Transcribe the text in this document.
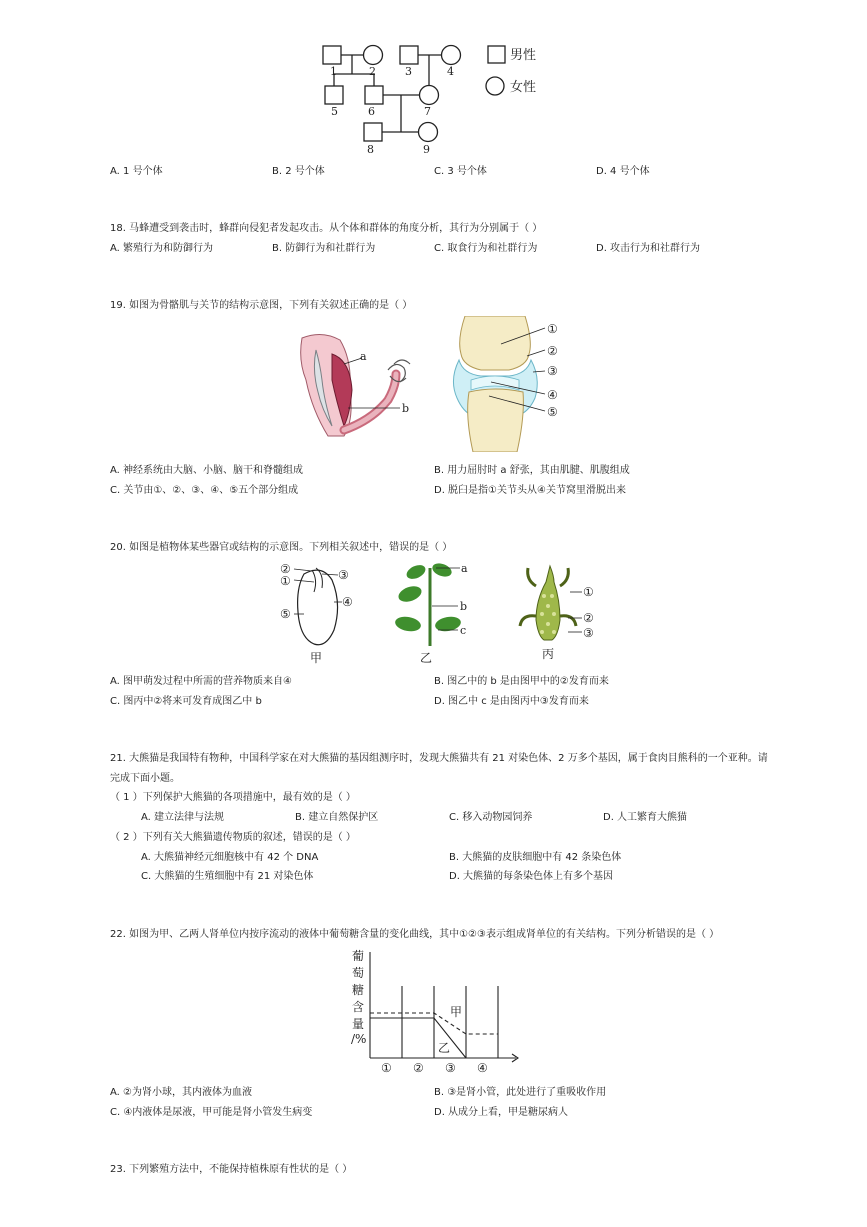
1	2	3	4
5	6	7
8	9
男性
女性
A. 1 号个体	B. 2 号个体	C. 3 号个体	D. 4 号个体
18. 马蜂遭受到袭击时，蜂群向侵犯者发起攻击。从个体和群体的角度分析，其行为分别属于（ ）
A. 繁殖行为和防御行为	B. 防御行为和社群行为	C. 取食行为和社群行为	D. 攻击行为和社群行为
19. 如图为骨骼肌与关节的结构示意图，下列有关叙述正确的是（ ）
a
b
①
②
③
④
⑤
A. 神经系统由大脑、小脑、脑干和脊髓组成	B. 用力屈肘时 a 舒张，其由肌腱、肌腹组成
C. 关节由①、②、③、④、⑤五个部分组成	D. 脱臼是指①关节头从④关节窝里滑脱出来
20. 如图是植物体某些器官或结构的示意图。下列相关叙述中，错误的是（ ）
②
①	③
④
⑤
甲
a
b
c
乙
①
②
③
丙
A. 图甲萌发过程中所需的营养物质来自④	B. 图乙中的 b 是由图甲中的②发育而来
C. 图丙中②将来可发育成图乙中 b	D. 图乙中 c 是由图丙中③发育而来
21. 大熊猫是我国特有物种，中国科学家在对大熊猫的基因组测序时，发现大熊猫共有 21 对染色体、2 万多个基因，属于食肉目熊科的一个亚种。请
完成下面小题。
（ 1 ）下列保护大熊猫的各项措施中，最有效的是（ ）
A. 建立法律与法规	B. 建立自然保护区	C. 移入动物园饲养	D. 人工繁育大熊猫
（ 2 ）下列有关大熊猫遗传物质的叙述，错误的是（ ）
A. 大熊猫神经元细胞核中有 42 个 DNA	B. 大熊猫的皮肤细胞中有 42 条染色体
C. 大熊猫的生殖细胞中有 21 对染色体	D. 大熊猫的每条染色体上有多个基因
22. 如图为甲、乙两人肾单位内按序流动的液体中葡萄糖含量的变化曲线，其中①②③表示组成肾单位的有关结构。下列分析错误的是（ ）
葡
萄
糖
含
量
/%
甲
乙
① ② ③ ④
A. ②为肾小球，其内液体为血液	B. ③是肾小管，此处进行了重吸收作用
C. ④内液体是尿液，甲可能是肾小管发生病变	D. 从成分上看，甲是糖尿病人
23. 下列繁殖方法中，不能保持植株原有性状的是（ ）
